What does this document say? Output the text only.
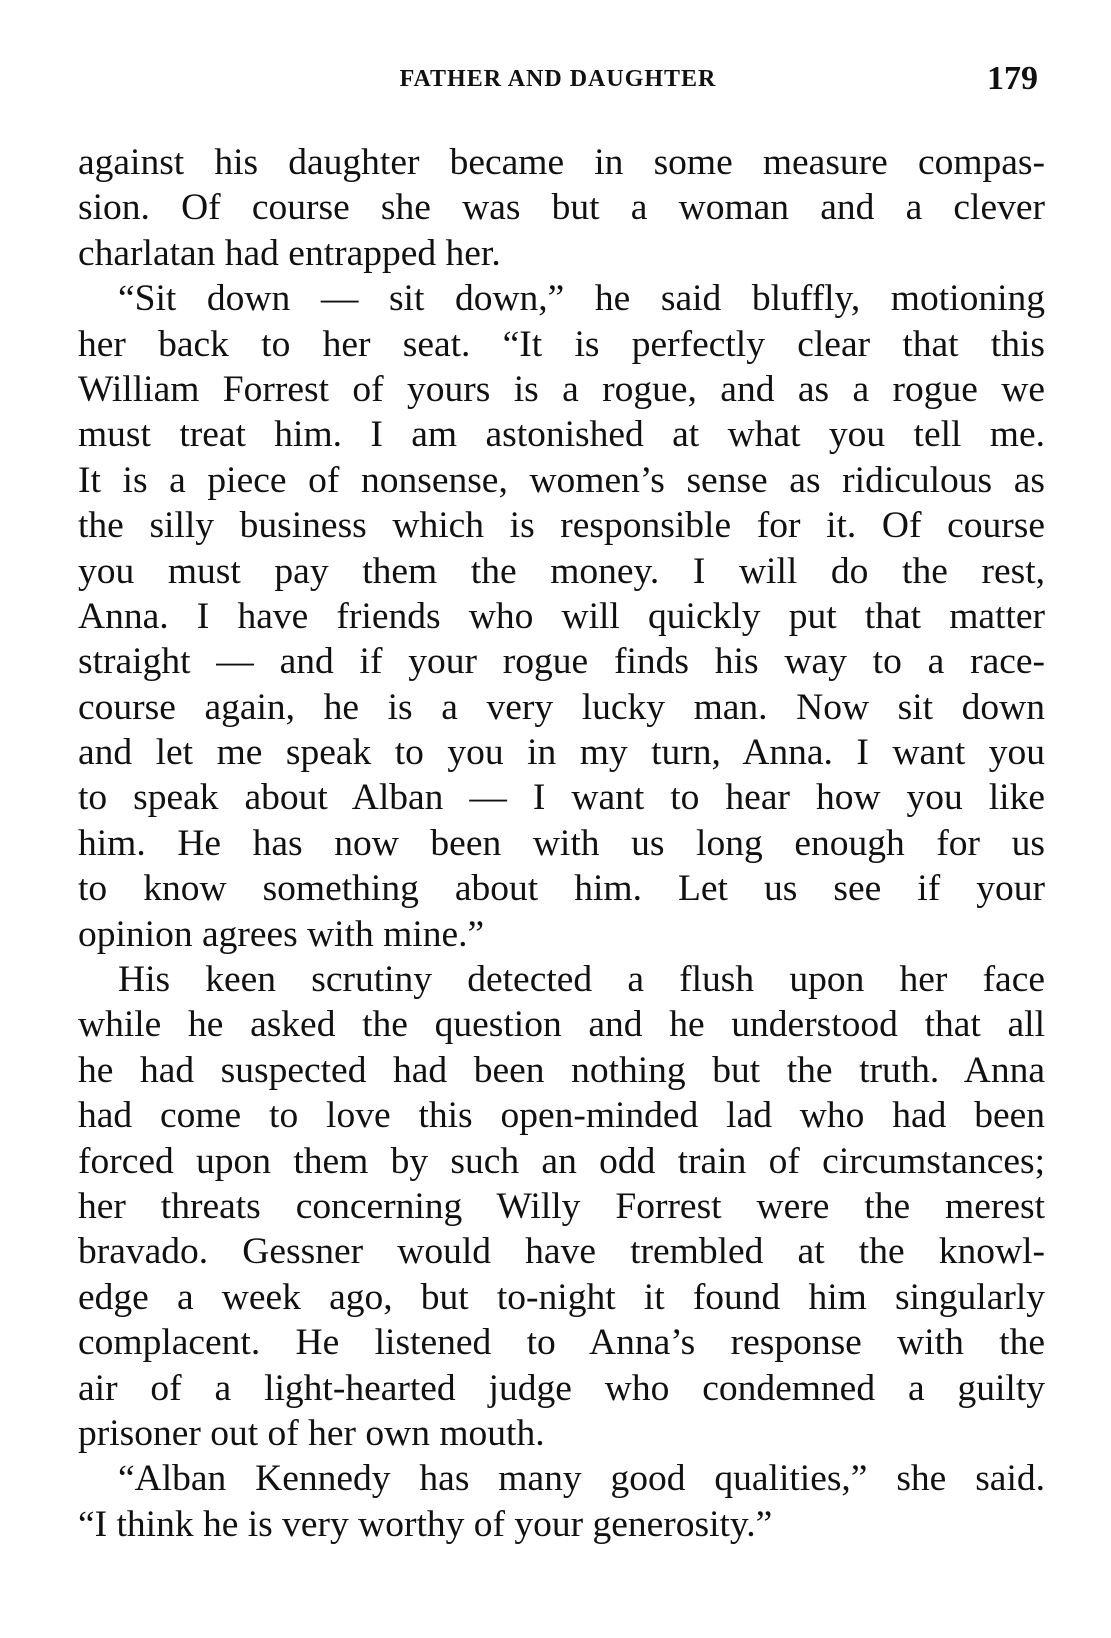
FATHER AND DAUGHTER	179
against his daughter became in some measure compas-
sion. Of course she was but a woman and a clever
charlatan had entrapped her.
“Sit down — sit down,” he said bluffly, motioning
her back to her seat. “It is perfectly clear that this
William Forrest of yours is a rogue, and as a rogue we
must treat him. I am astonished at what you tell me.
It is a piece of nonsense, women’s sense as ridiculous as
the silly business which is responsible for it. Of course
you must pay them the money. I will do the rest,
Anna. I have friends who will quickly put that matter
straight — and if your rogue finds his way to a race-
course again, he is a very lucky man. Now sit down
and let me speak to you in my turn, Anna. I want you
to speak about Alban — I want to hear how you like
him. He has now been with us long enough for us
to know something about him. Let us see if your
opinion agrees with mine.”
His keen scrutiny detected a flush upon her face
while he asked the question and he understood that all
he had suspected had been nothing but the truth. Anna
had come to love this open-minded lad who had been
forced upon them by such an odd train of circumstances;
her threats concerning Willy Forrest were the merest
bravado. Gessner would have trembled at the knowl-
edge a week ago, but to-night it found him singularly
complacent. He listened to Anna’s response with the
air of a light-hearted judge who condemned a guilty
prisoner out of her own mouth.
“Alban Kennedy has many good qualities,” she said.
“I think he is very worthy of your generosity.”
